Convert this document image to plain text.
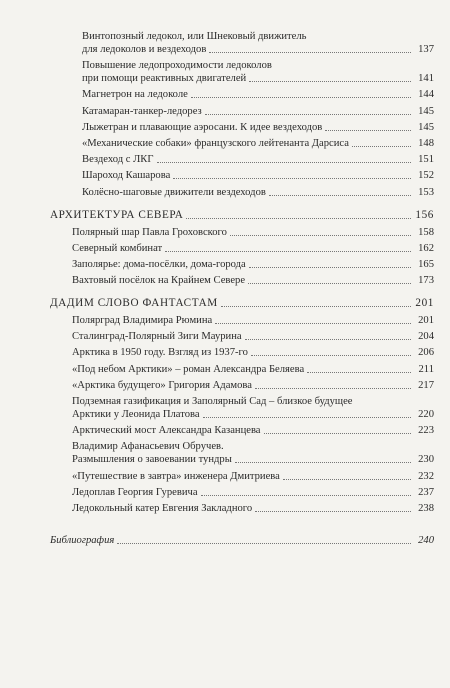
Винтопозный ледокол, или Шнековый движитель
для ледоколов и вездеходов	137
Повышение ледопроходимости ледоколов
при помощи реактивных двигателей	141
Магнетрон на ледоколе	144
Катамаран-танкер-ледорез	145
Лыжетран и плавающие аэросани. К идее вездеходов	145
«Механические собаки» французского лейтенанта Дарсиса	148
Вездеход с ЛКГ	151
Шароход Кашарова	152
Колёсно-шаговые движители вездеходов	153
АРХИТЕКТУРА СЕВЕРА	156
Полярный шар Павла Гроховского	158
Северный комбинат	162
Заполярье: дома-посёлки, дома-города	165
Вахтовый посёлок на Крайнем Севере	173
ДАДИМ СЛОВО ФАНТАСТАМ	201
Полярград Владимира Рюмина	201
Сталинград-Полярный Зиги Маурина	204
Арктика в 1950 году. Взгляд из 1937-го	206
«Под небом Арктики» – роман Александра Беляева	211
«Арктика будущего» Григория Адамова	217
Подземная газификация и Заполярный Сад – близкое будущее
Арктики у Леонида Платова	220
Арктический мост Александра Казанцева	223
Владимир Афанасьевич Обручев.
Размышления о завоевании тундры	230
«Путешествие в завтра» инженера Дмитриева	232
Ледоплав Георгия Гуревича	237
Ледокольный катер Евгения Закладного	238
Библиография	240
